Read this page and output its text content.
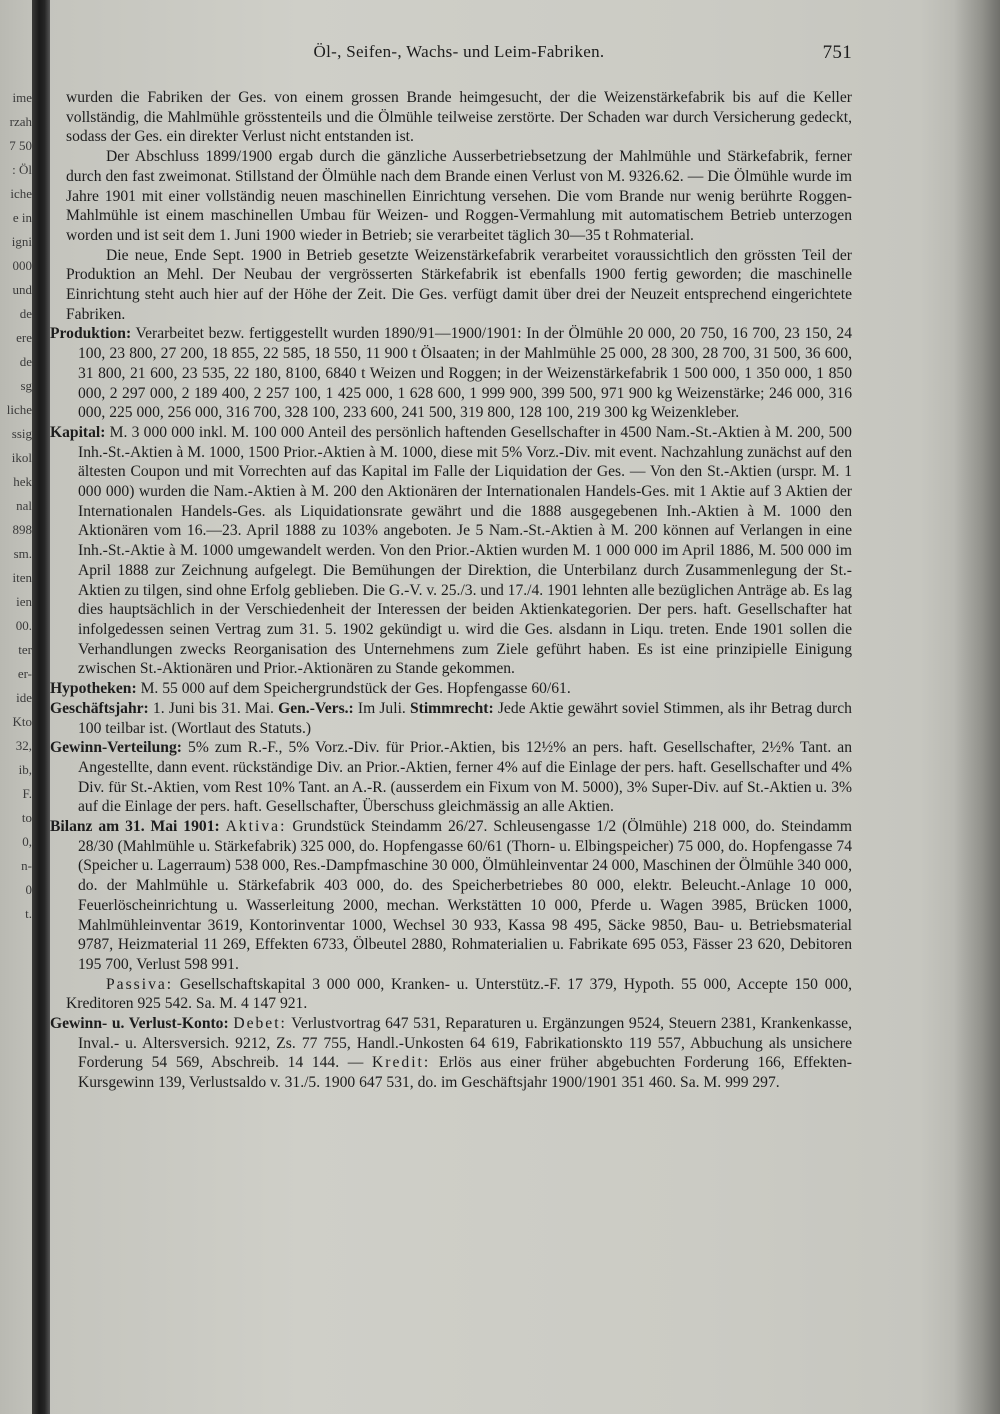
ime
rzah
7 50
: Öl
iche
e in
igni
000
und
de
ere
de
sg
liche
ssig
ikol
hek
nal
898
sm.
iten
ien
00.
ter
er-
ide
Kto
32,
ib,
F.
to
0,
n-
0
t.
Öl-, Seifen-, Wachs- und Leim-Fabriken.	751

wurden die Fabriken der Ges. von einem grossen Brande heimgesucht, der die Weizenstärkefabrik bis auf die Keller vollständig, die Mahlmühle grösstenteils und die Ölmühle teilweise zerstörte. Der Schaden war durch Versicherung gedeckt, sodass der Ges. ein direkter Verlust nicht entstanden ist.

Der Abschluss 1899/1900 ergab durch die gänzliche Ausserbetriebsetzung der Mahlmühle und Stärkefabrik, ferner durch den fast zweimonat. Stillstand der Ölmühle nach dem Brande einen Verlust von M. 9326.62. — Die Ölmühle wurde im Jahre 1901 mit einer vollständig neuen maschinellen Einrichtung versehen. Die vom Brande nur wenig berührte Roggen-Mahlmühle ist einem maschinellen Umbau für Weizen- und Roggen-Vermahlung mit automatischem Betrieb unterzogen worden und ist seit dem 1. Juni 1900 wieder in Betrieb; sie verarbeitet täglich 30—35 t Rohmaterial.

Die neue, Ende Sept. 1900 in Betrieb gesetzte Weizenstärkefabrik verarbeitet voraussichtlich den grössten Teil der Produktion an Mehl. Der Neubau der vergrösserten Stärkefabrik ist ebenfalls 1900 fertig geworden; die maschinelle Einrichtung steht auch hier auf der Höhe der Zeit. Die Ges. verfügt damit über drei der Neuzeit entsprechend eingerichtete Fabriken.

Produktion: Verarbeitet bezw. fertiggestellt wurden 1890/91—1900/1901: In der Ölmühle 20 000, 20 750, 16 700, 23 150, 24 100, 23 800, 27 200, 18 855, 22 585, 18 550, 11 900 t Ölsaaten; in der Mahlmühle 25 000, 28 300, 28 700, 31 500, 36 600, 31 800, 21 600, 23 535, 22 180, 8100, 6840 t Weizen und Roggen; in der Weizenstärkefabrik 1 500 000, 1 350 000, 1 850 000, 2 297 000, 2 189 400, 2 257 100, 1 425 000, 1 628 600, 1 999 900, 399 500, 971 900 kg Weizenstärke; 246 000, 316 000, 225 000, 256 000, 316 700, 328 100, 233 600, 241 500, 319 800, 128 100, 219 300 kg Weizenkleber.

Kapital: M. 3 000 000 inkl. M. 100 000 Anteil des persönlich haftenden Gesellschafter in 4500 Nam.-St.-Aktien à M. 200, 500 Inh.-St.-Aktien à M. 1000, 1500 Prior.-Aktien à M. 1000, diese mit 5% Vorz.-Div. mit event. Nachzahlung zunächst auf den ältesten Coupon und mit Vorrechten auf das Kapital im Falle der Liquidation der Ges. — Von den St.-Aktien (urspr. M. 1 000 000) wurden die Nam.-Aktien à M. 200 den Aktionären der Internationalen Handels-Ges. mit 1 Aktie auf 3 Aktien der Internationalen Handels-Ges. als Liquidationsrate gewährt und die 1888 ausgegebenen Inh.-Aktien à M. 1000 den Aktionären vom 16.—23. April 1888 zu 103% angeboten. Je 5 Nam.-St.-Aktien à M. 200 können auf Verlangen in eine Inh.-St.-Aktie à M. 1000 umgewandelt werden. Von den Prior.-Aktien wurden M. 1 000 000 im April 1886, M. 500 000 im April 1888 zur Zeichnung aufgelegt. Die Bemühungen der Direktion, die Unterbilanz durch Zusammenlegung der St.-Aktien zu tilgen, sind ohne Erfolg geblieben. Die G.-V. v. 25./3. und 17./4. 1901 lehnten alle bezüglichen Anträge ab. Es lag dies hauptsächlich in der Verschiedenheit der Interessen der beiden Aktienkategorien. Der pers. haft. Gesellschafter hat infolgedessen seinen Vertrag zum 31. 5. 1902 gekündigt u. wird die Ges. alsdann in Liqu. treten. Ende 1901 sollen die Verhandlungen zwecks Reorganisation des Unternehmens zum Ziele geführt haben. Es ist eine prinzipielle Einigung zwischen St.-Aktionären und Prior.-Aktionären zu Stande gekommen.

Hypotheken: M. 55 000 auf dem Speichergrundstück der Ges. Hopfengasse 60/61.

Geschäftsjahr: 1. Juni bis 31. Mai. Gen.-Vers.: Im Juli. Stimmrecht: Jede Aktie gewährt soviel Stimmen, als ihr Betrag durch 100 teilbar ist. (Wortlaut des Statuts.)

Gewinn-Verteilung: 5% zum R.-F., 5% Vorz.-Div. für Prior.-Aktien, bis 12½% an pers. haft. Gesellschafter, 2½% Tant. an Angestellte, dann event. rückständige Div. an Prior.-Aktien, ferner 4% auf die Einlage der pers. haft. Gesellschafter und 4% Div. für St.-Aktien, vom Rest 10% Tant. an A.-R. (ausserdem ein Fixum von M. 5000), 3% Super-Div. auf St.-Aktien u. 3% auf die Einlage der pers. haft. Gesellschafter, Überschuss gleichmässig an alle Aktien.

Bilanz am 31. Mai 1901: Aktiva: Grundstück Steindamm 26/27. Schleusengasse 1/2 (Ölmühle) 218 000, do. Steindamm 28/30 (Mahlmühle u. Stärkefabrik) 325 000, do. Hopfengasse 60/61 (Thorn- u. Elbingspeicher) 75 000, do. Hopfengasse 74 (Speicher u. Lagerraum) 538 000, Res.-Dampfmaschine 30 000, Ölmühleinventar 24 000, Maschinen der Ölmühle 340 000, do. der Mahlmühle u. Stärkefabrik 403 000, do. des Speicherbetriebes 80 000, elektr. Beleucht.-Anlage 10 000, Feuerlöscheinrichtung u. Wasserleitung 2000, mechan. Werkstätten 10 000, Pferde u. Wagen 3985, Brücken 1000, Mahlmühleinventar 3619, Kontorinventar 1000, Wechsel 30 933, Kassa 98 495, Säcke 9850, Bau- u. Betriebsmaterial 9787, Heizmaterial 11 269, Effekten 6733, Ölbeutel 2880, Rohmaterialien u. Fabrikate 695 053, Fässer 23 620, Debitoren 195 700, Verlust 598 991.

Passiva: Gesellschaftskapital 3 000 000, Kranken- u. Unterstütz.-F. 17 379, Hypoth. 55 000, Accepte 150 000, Kreditoren 925 542. Sa. M. 4 147 921.

Gewinn- u. Verlust-Konto: Debet: Verlustvortrag 647 531, Reparaturen u. Ergänzungen 9524, Steuern 2381, Krankenkasse, Inval.- u. Altersversich. 9212, Zs. 77 755, Handl.-Unkosten 64 619, Fabrikationskto 119 557, Abbuchung als unsichere Forderung 54 569, Abschreib. 14 144. — Kredit: Erlös aus einer früher abgebuchten Forderung 166, Effekten-Kursgewinn 139, Verlustsaldo v. 31./5. 1900 647 531, do. im Geschäftsjahr 1900/1901 351 460. Sa. M. 999 297.
